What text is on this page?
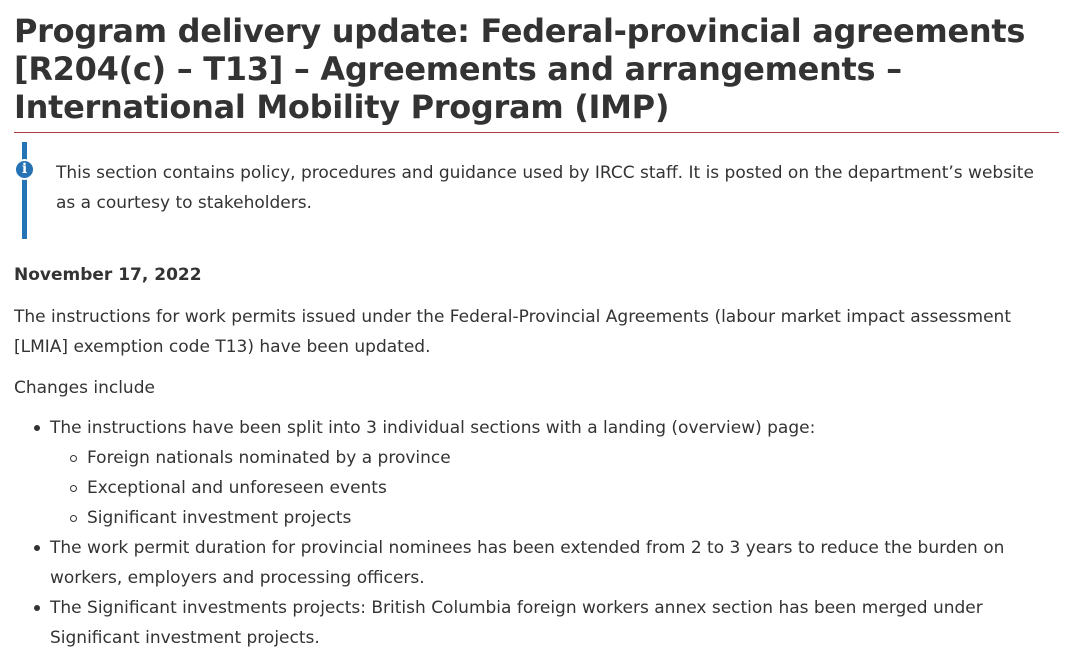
Program delivery update: Federal-provincial agreements [R204(c) – T13] – Agreements and arrangements – International Mobility Program (IMP)
i	This section contains policy, procedures and guidance used by IRCC staff. It is posted on the department’s website as a courtesy to stakeholders.
November 17, 2022
The instructions for work permits issued under the Federal-Provincial Agreements (labour market impact assessment [LMIA] exemption code T13) have been updated.
Changes include
The instructions have been split into 3 individual sections with a landing (overview) page:
Foreign nationals nominated by a province
Exceptional and unforeseen events
Significant investment projects
The work permit duration for provincial nominees has been extended from 2 to 3 years to reduce the burden on workers, employers and processing officers.
The Significant investments projects: British Columbia foreign workers annex section has been merged under Significant investment projects.
